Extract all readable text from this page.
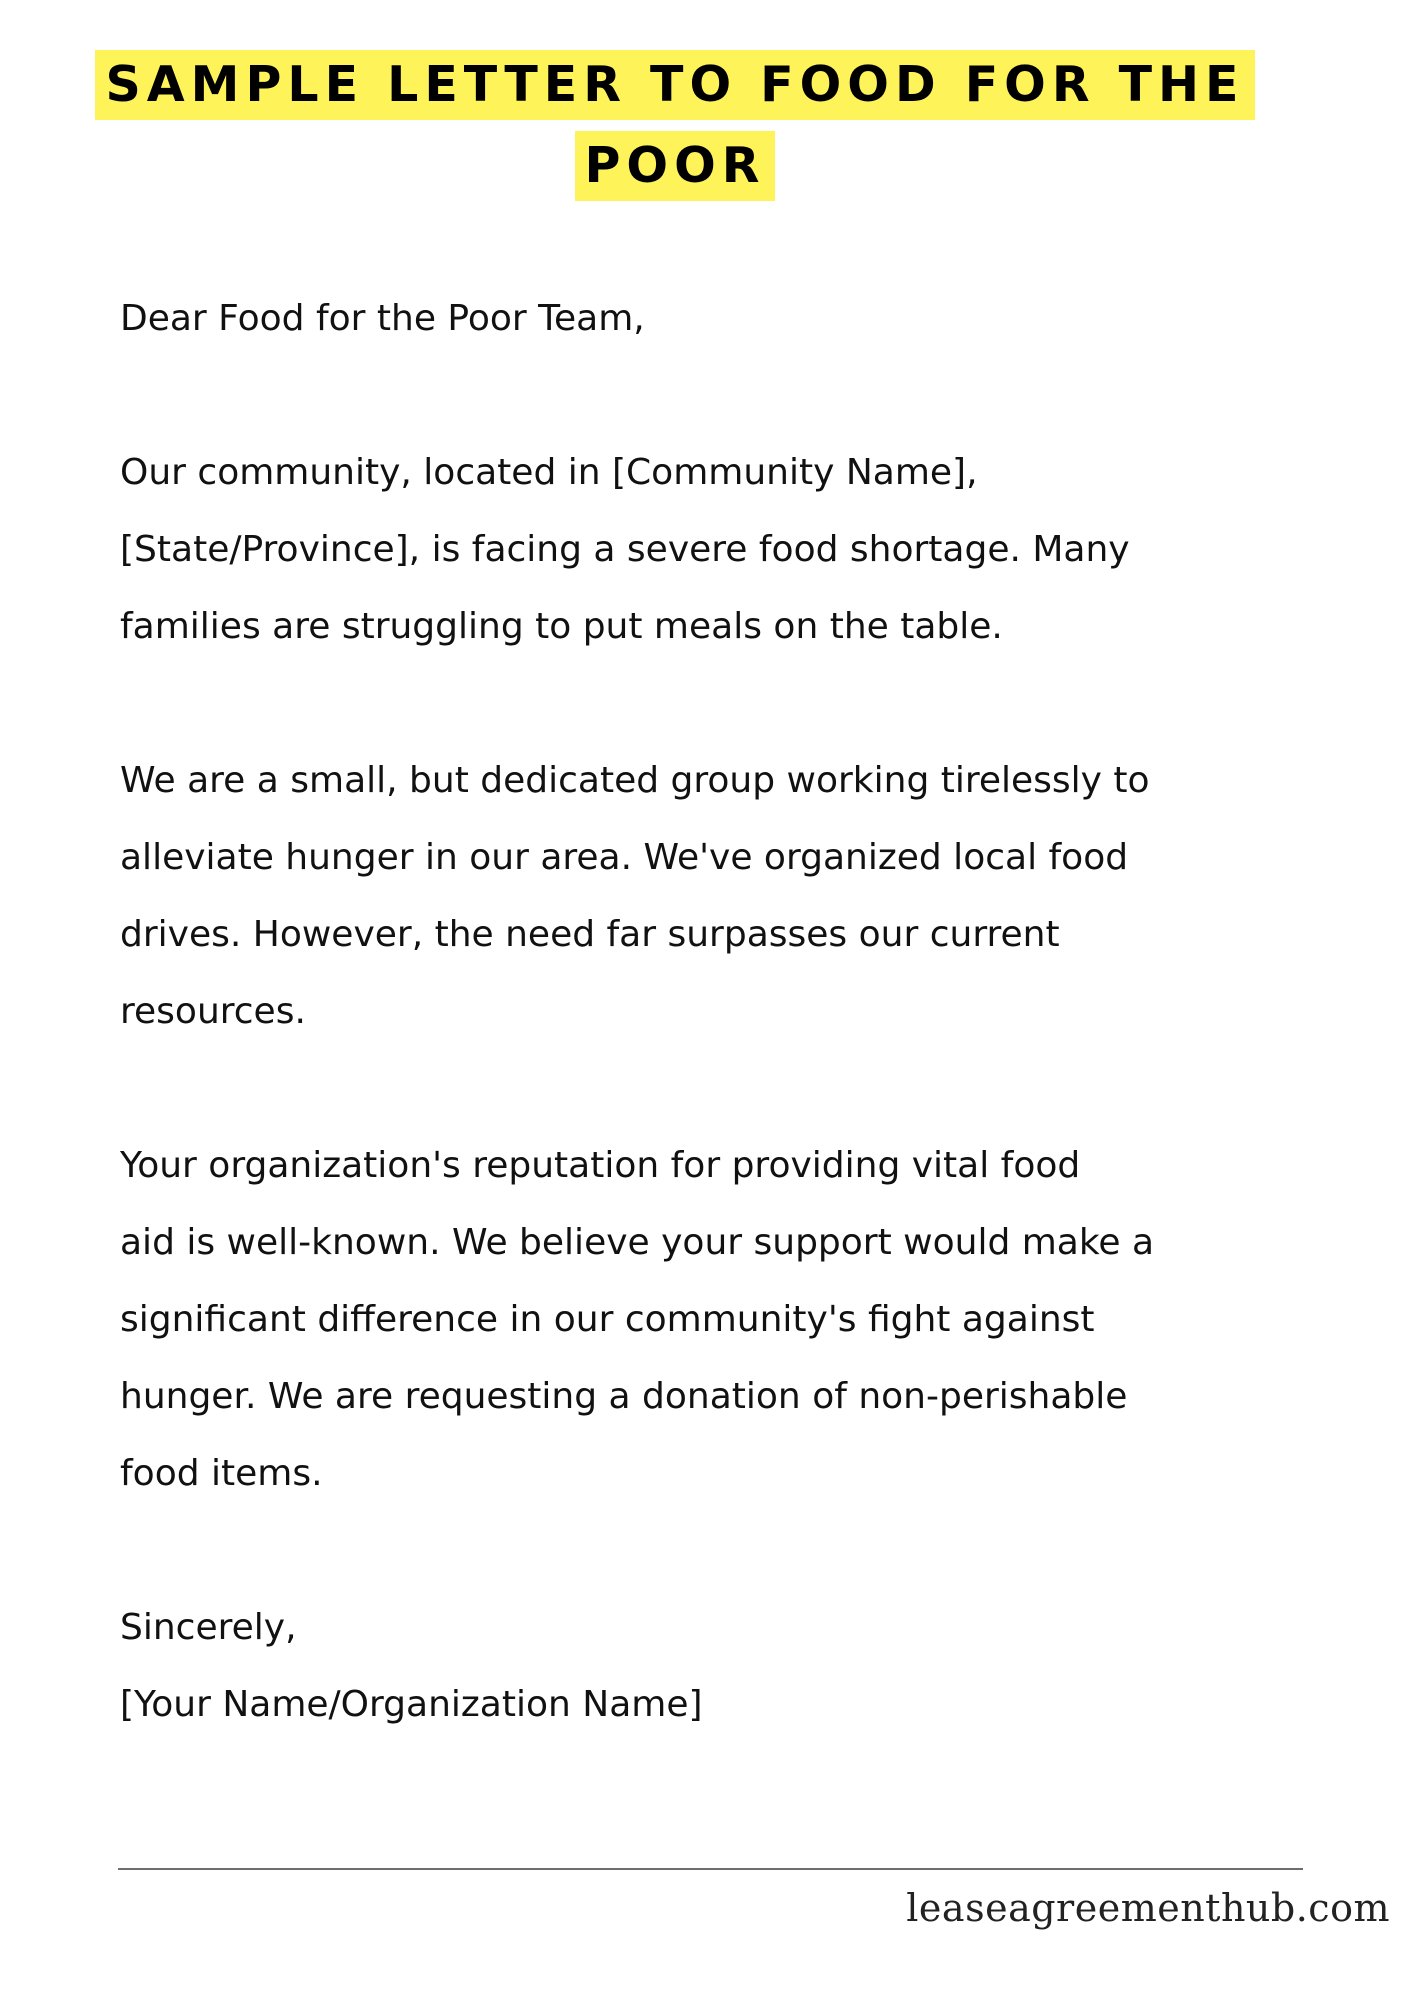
SAMPLE LETTER TO FOOD FOR THE
POOR

Dear Food for the Poor Team,

Our community, located in [Community Name],

[State/Province], is facing a severe food shortage. Many

families are struggling to put meals on the table.

We are a small, but dedicated group working tirelessly to

alleviate hunger in our area. We've organized local food

drives. However, the need far surpasses our current

resources.

Your organization's reputation for providing vital food

aid is well-known. We believe your support would make a

significant difference in our community's fight against

hunger. We are requesting a donation of non-perishable

food items.

Sincerely,

[Your Name/Organization Name]

leaseagreementhub.com
